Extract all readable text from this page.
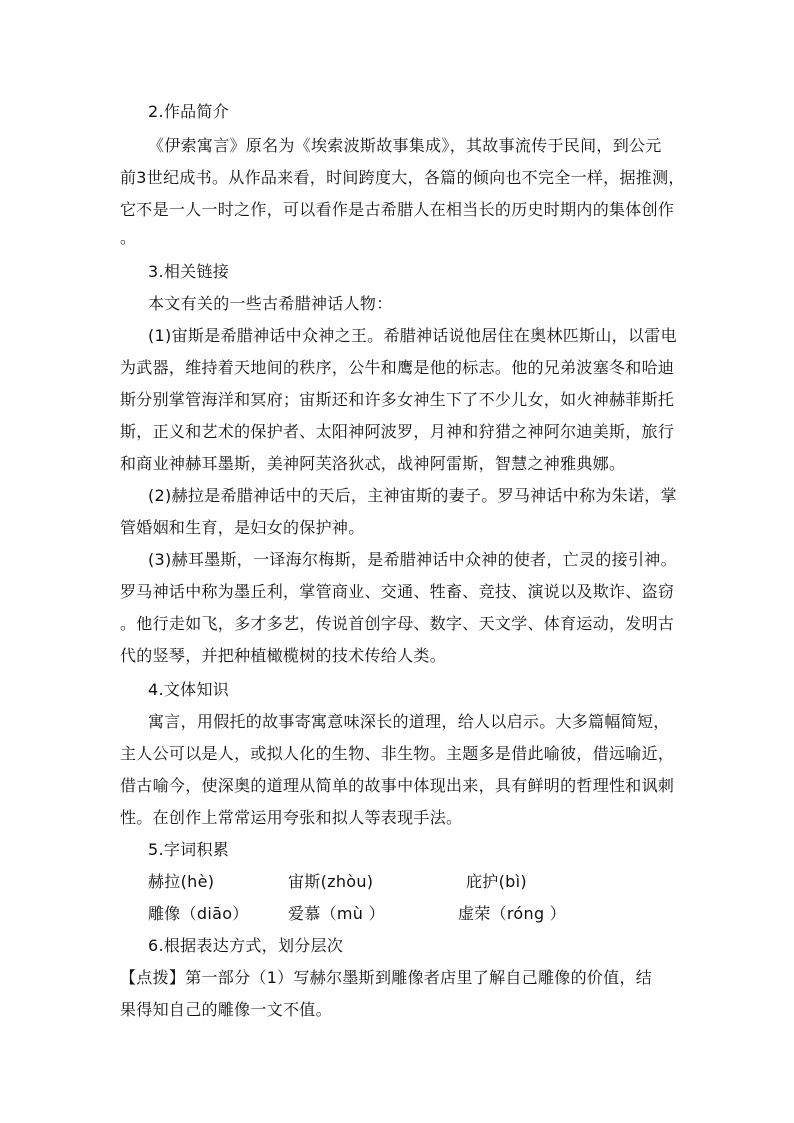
2.作品简介
《伊索寓言》原名为《埃索波斯故事集成》，其故事流传于民间，到公元
前3世纪成书。从作品来看，时间跨度大，各篇的倾向也不完全一样，据推测，
它不是一人一时之作，可以看作是古希腊人在相当长的历史时期内的集体创作
。
3.相关链接
本文有关的一些古希腊神话人物：
(1)宙斯是希腊神话中众神之王。希腊神话说他居住在奥林匹斯山，以雷电
为武器，维持着天地间的秩序，公牛和鹰是他的标志。他的兄弟波塞冬和哈迪
斯分别掌管海洋和冥府；宙斯还和许多女神生下了不少儿女，如火神赫菲斯托
斯，正义和艺术的保护者、太阳神阿波罗，月神和狩猎之神阿尔迪美斯，旅行
和商业神赫耳墨斯，美神阿芙洛狄忒，战神阿雷斯，智慧之神雅典娜。
(2)赫拉是希腊神话中的天后，主神宙斯的妻子。罗马神话中称为朱诺，掌
管婚姻和生育，是妇女的保护神。
(3)赫耳墨斯，一译海尔梅斯，是希腊神话中众神的使者，亡灵的接引神。
罗马神话中称为墨丘利，掌管商业、交通、牲畜、竞技、演说以及欺诈、盗窃
。他行走如飞，多才多艺，传说首创字母、数字、天文学、体育运动，发明古
代的竖琴，并把种植橄榄树的技术传给人类。
4.文体知识
寓言，用假托的故事寄寓意味深长的道理，给人以启示。大多篇幅简短，
主人公可以是人，或拟人化的生物、非生物。主题多是借此喻彼，借远喻近，
借古喻今，使深奥的道理从简单的故事中体现出来，具有鲜明的哲理性和讽刺
性。在创作上常常运用夸张和拟人等表现手法。
5.字词积累
赫拉(hè)	宙斯(zhòu)	庇护(bì)
雕像（diāo） 爱慕（mù ）	虚荣（róng ）
6.根据表达方式，划分层次
【点拨】第一部分（1）写赫尔墨斯到雕像者店里了解自己雕像的价值，结
果得知自己的雕像一文不值。
